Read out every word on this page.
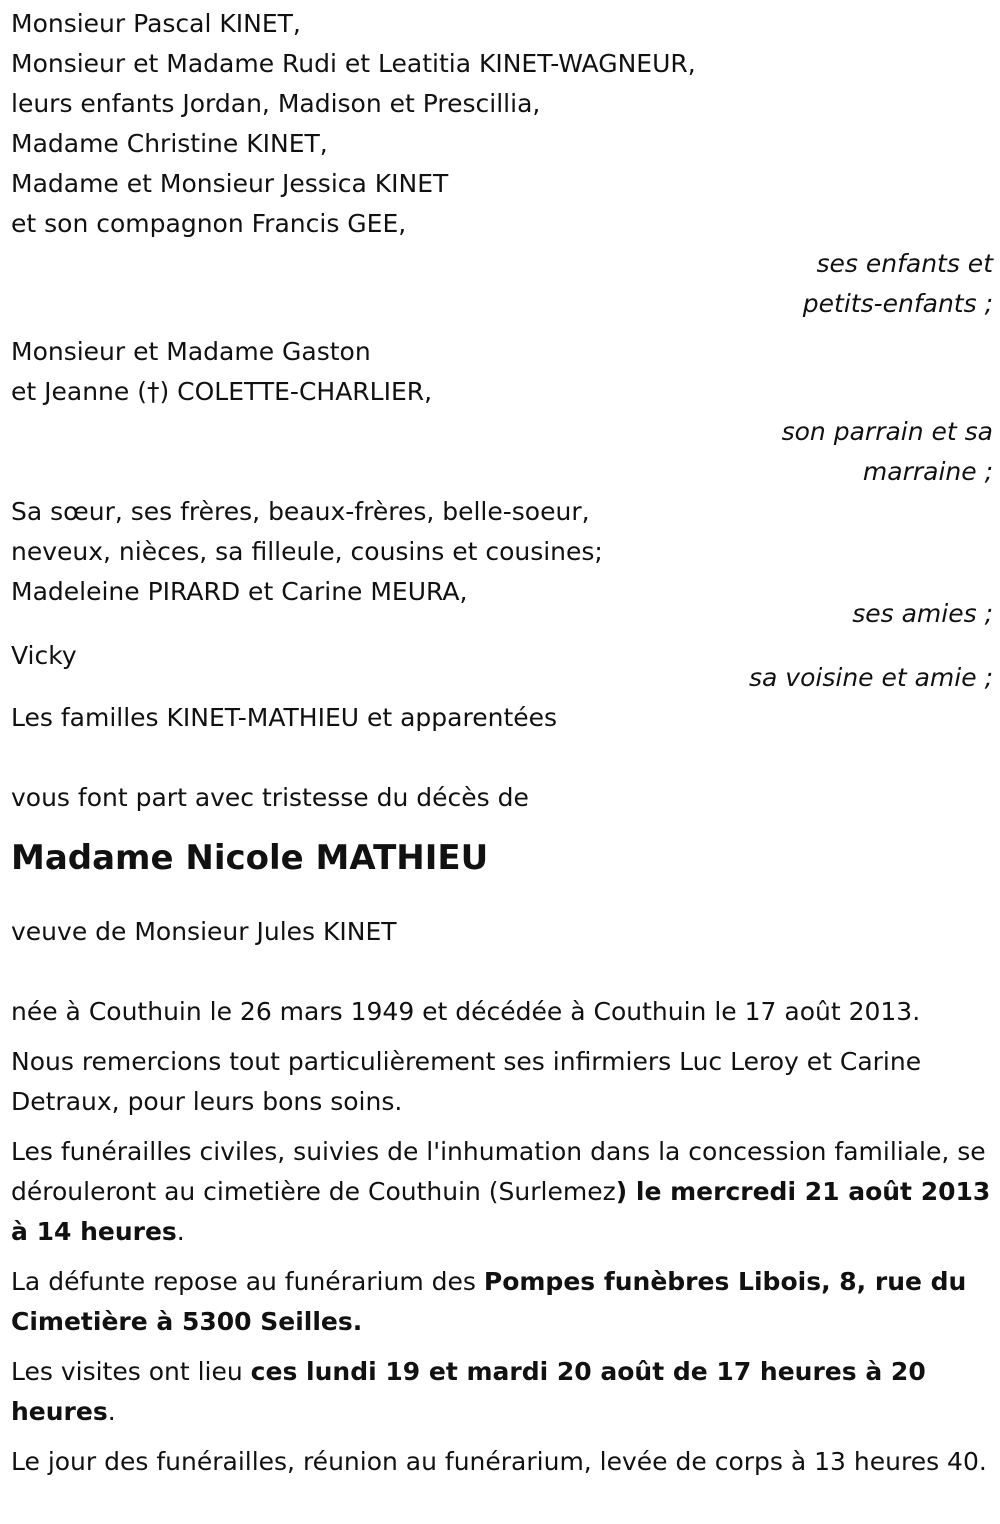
Monsieur Pascal KINET,
Monsieur et Madame Rudi et Leatitia KINET-WAGNEUR,
leurs enfants Jordan, Madison et Prescillia,
Madame Christine KINET,
Madame et Monsieur Jessica KINET
et son compagnon Francis GEE,
ses enfants et
petits-enfants ;
Monsieur et Madame Gaston
et Jeanne (†) COLETTE-CHARLIER,
son parrain et sa
marraine ;
Sa sœur, ses frères, beaux-frères, belle-soeur,
neveux, nièces, sa filleule, cousins et cousines;
Madeleine PIRARD et Carine MEURA,
ses amies ;
Vicky
sa voisine et amie ;
Les familles KINET-MATHIEU et apparentées
vous font part avec tristesse du décès de
Madame Nicole MATHIEU
veuve de Monsieur Jules KINET
née à Couthuin le 26 mars 1949 et décédée à Couthuin le 17 août 2013.
Nous remercions tout particulièrement ses infirmiers Luc Leroy et Carine Detraux, pour leurs bons soins.
Les funérailles civiles, suivies de l'inhumation dans la concession familiale, se dérouleront au cimetière de Couthuin (Surlemez) le mercredi 21 août 2013 à 14 heures.
La défunte repose au funérarium des Pompes funèbres Libois, 8, rue du Cimetière à 5300 Seilles.
Les visites ont lieu ces lundi 19 et mardi 20 août de 17 heures à 20 heures.
Le jour des funérailles, réunion au funérarium, levée de corps à 13 heures 40.
